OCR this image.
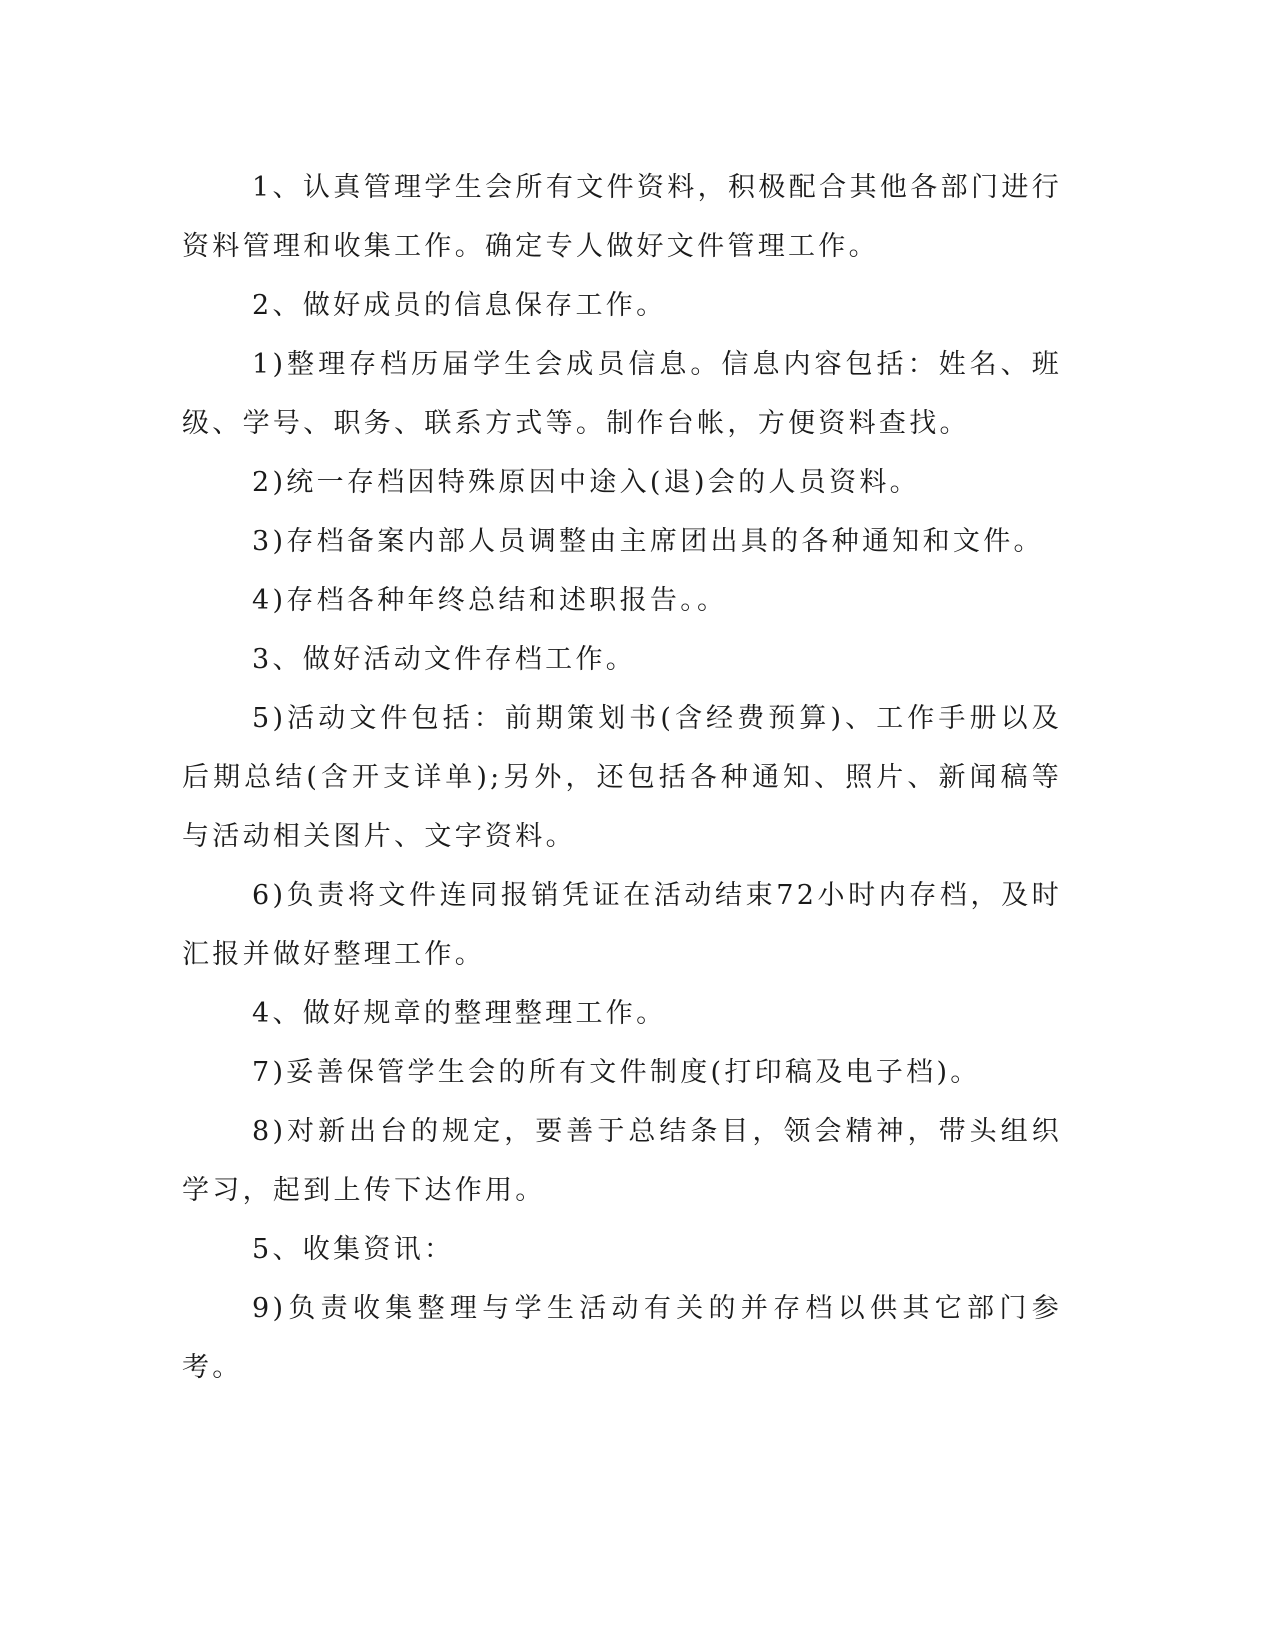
1、认真管理学生会所有文件资料，积极配合其他各部门进行资料管理和收集工作。确定专人做好文件管理工作。

2、做好成员的信息保存工作。

1)整理存档历届学生会成员信息。信息内容包括：姓名、班级、学号、职务、联系方式等。制作台帐，方便资料查找。

2)统一存档因特殊原因中途入(退)会的人员资料。

3)存档备案内部人员调整由主席团出具的各种通知和文件。

4)存档各种年终总结和述职报告。。

3、做好活动文件存档工作。

5)活动文件包括：前期策划书(含经费预算)、工作手册以及后期总结(含开支详单);另外，还包括各种通知、照片、新闻稿等与活动相关图片、文字资料。

6)负责将文件连同报销凭证在活动结束72小时内存档，及时汇报并做好整理工作。

4、做好规章的整理整理工作。

7)妥善保管学生会的所有文件制度(打印稿及电子档)。

8)对新出台的规定，要善于总结条目，领会精神，带头组织学习，起到上传下达作用。

5、收集资讯：

9)负责收集整理与学生活动有关的并存档以供其它部门参考。
